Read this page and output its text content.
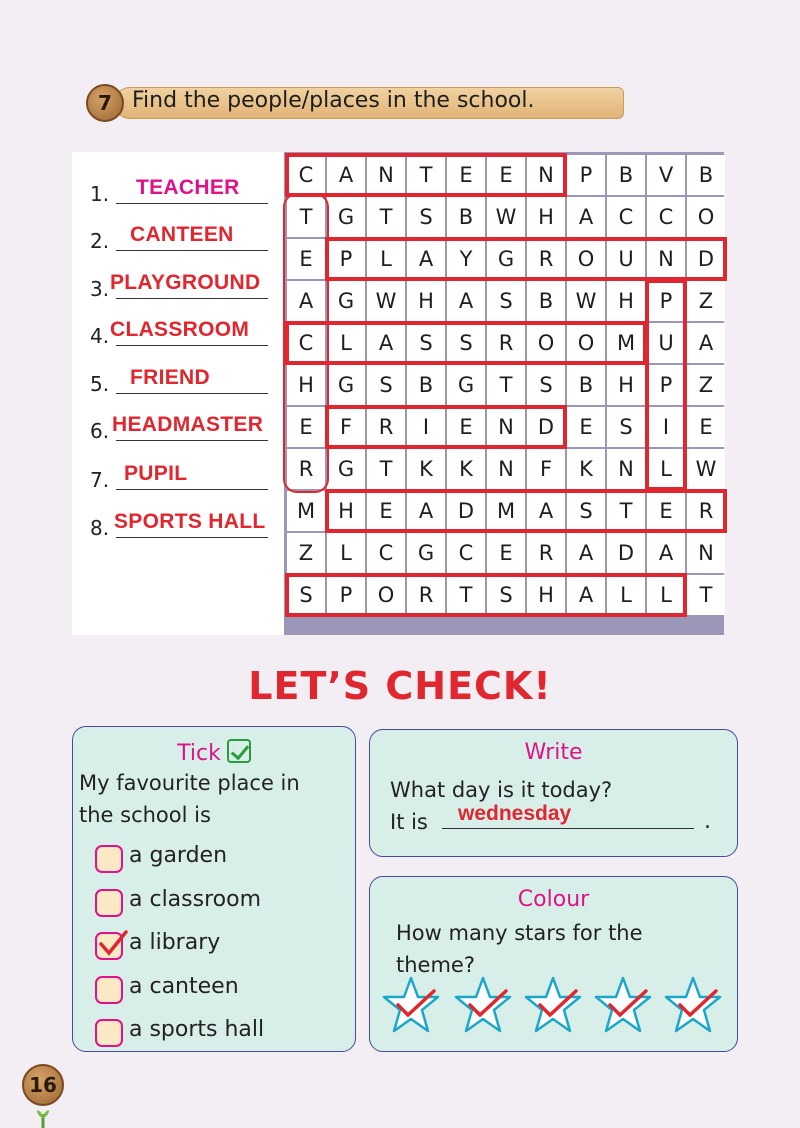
7 Find the people/places in the school.
1. TEACHER
2. CANTEEN
3. PLAYGROUND
4. CLASSROOM
5. FRIEND
6. HEADMASTER
7. PUPIL
8. SPORTS HALL
C	A	N	T	E	E	N	P	B	V	B
T	G	T	S	B	W	H	A	C	C	O
E	P	L	A	Y	G	R	O	U	N	D
A	G	W	H	A	S	B	W	H	P	Z
C	L	A	S	S	R	O	O	M	U	A
H	G	S	B	G	T	S	B	H	P	Z
E	F	R	I	E	N	D	E	S	I	E
R	G	T	K	K	N	F	K	N	L	W
M	H	E	A	D	M	A	S	T	E	R
Z	L	C	G	C	E	R	A	D	A	N
S	P	O	R	T	S	H	A	L	L	T
LET’S CHECK!
Tick
My favourite place in
the school is
a garden
a classroom
a library
a canteen
a sports hall
Write
What day is it today?
It is wednesday	.
Colour
How many stars for the
theme?
16
